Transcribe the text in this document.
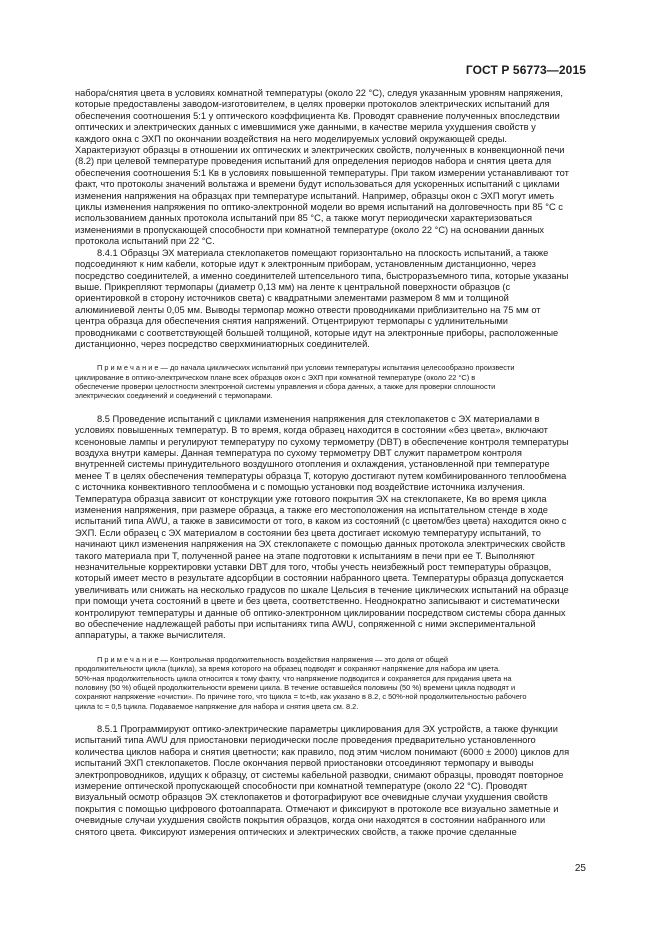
ГОСТ Р 56773—2015

набора/снятия цвета в условиях комнатной температуры (около 22 °С), следуя указанным уровням напряжения,
которые предоставлены заводом-изготовителем, в целях проверки протоколов электрических испытаний для
обеспечения соотношения 5:1 у оптического коэффициента Кв. Проводят сравнение полученных впоследствии
оптических и электрических данных с имевшимися уже данными, в качестве мерила ухудшения свойств у
каждого окна с ЭХП по окончании воздействия на него моделируемых условий окружающей среды.
Характеризуют образцы в отношении их оптических и электрических свойств, полученных в конвекционной печи
(8.2) при целевой температуре проведения испытаний для определения периодов набора и снятия цвета для
обеспечения соотношения 5:1 Кв в условиях повышенной температуры. При таком измерении устанавливают тот
факт, что протоколы значений вольтажа и времени будут использоваться для ускоренных испытаний с циклами
изменения напряжения на образцах при температуре испытаний. Например, образцы окон с ЭХП могут иметь
циклы изменения напряжения по оптико-электронной модели во время испытаний на долговечность при 85 °С с
использованием данных протокола испытаний при 85 °С, а также могут периодически характеризоваться
изменениями в пропускающей способности при комнатной температуре (около 22 °С) на основании данных
протокола испытаний при 22 °С.

8.4.1 Образцы ЭХ материала стеклопакетов помещают горизонтально на плоскость испытаний, а также
подсоединяют к ним кабели, которые идут к электронным приборам, установленным дистанционно, через
посредство соединителей, а именно соединителей штепсельного типа, быстроразъемного типа, которые указаны
выше. Прикрепляют термопары (диаметр 0,13 мм) на ленте к центральной поверхности образцов (с
ориентировкой в сторону источников света) с квадратными элементами размером 8 мм и толщиной
алюминиевой ленты 0,05 мм. Выводы термопар можно отвести проводниками приблизительно на 75 мм от
центра образца для обеспечения снятия напряжений. Отцентрируют термопары с удлинительными
проводниками с соответствующей большей толщиной, которые идут на электронные приборы, расположенные
дистанционно, через посредство сверхминиатюрных соединителей.

П р и м е ч а н и е — до начала циклических испытаний при условии температуры испытания целесообразно произвести
циклирование в оптико-электрическом плане всех образцов окон с ЭХП при комнатной температуре (около 22 °С) в
обеспечение проверки целостности электронной системы управления и сбора данных, а также для проверки сплошности
электрических соединений и соединений с термопарами.

8.5 Проведение испытаний с циклами изменения напряжения для стеклопакетов с ЭХ материалами в
условиях повышенных температур. В то время, когда образец находится в состоянии «без цвета», включают
ксеноновые лампы и регулируют температуру по сухому термометру (DBT) в обеспечение контроля температуры
воздуха внутри камеры. Данная температура по сухому термометру DBT служит параметром контроля
внутренней системы принудительного воздушного отопления и охлаждения, установленной при температуре
менее Т в целях обеспечения температуры образца Т, которую достигают путем комбинированного теплообмена
с источника конвективного теплообмена и с помощью установки под воздействие источника излучения.
Температура образца зависит от конструкции уже готового покрытия ЭХ на стеклопакете, Кв во время цикла
изменения напряжения, при размере образца, а также его местоположения на испытательном стенде в ходе
испытаний типа AWU, а также в зависимости от того, в каком из состояний (с цветом/без цвета) находится окно с
ЭХП. Если образец с ЭХ материалом в состоянии без цвета достигает искомую температуру испытаний, то
начинают цикл изменения напряжения на ЭХ стеклопакете с помощью данных протокола электрических свойств
такого материала при Т, полученной ранее на этапе подготовки к испытаниям в печи при ее Т. Выполняют
незначительные корректировки уставки DBT для того, чтобы учесть неизбежный рост температуры образцов,
который имеет место в результате адсорбции в состоянии набранного цвета. Температуры образца допускается
увеличивать или снижать на несколько градусов по шкале Цельсия в течение циклических испытаний на образце
при помощи учета состояний в цвете и без цвета, соответственно. Неоднократно записывают и систематически
контролируют температуры и данные об оптико-электронном циклировании посредством системы сбора данных
во обеспечение надлежащей работы при испытаниях типа AWU, сопряженной с ними экспериментальной
аппаратуры, а также вычислителя.

П р и м е ч а н и е — Контрольная продолжительность воздействия напряжения — это доля от общей
продолжительности цикла (tцикла), за время которого на образец подводят и сохраняют напряжение для набора им цвета.
50%-ная продолжительность цикла относится к тому факту, что напряжение подводится и сохраняется для придания цвета на
половину (50 %) общей продолжительности времени цикла. В течение оставшейся половины (50 %) времени цикла подводят и
сохраняют напряжение «очистки». По причине того, что tцикла = tc+tb, как указано в 8.2, с 50%-ной продолжительностью рабочего
цикла tc = 0,5 tцикла. Подаваемое напряжение для набора и снятия цвета см. 8.2.

8.5.1 Программируют оптико-электрические параметры циклирования для ЭХ устройств, а также функции
испытаний типа AWU для приостановки периодически после проведения предварительно установленного
количества циклов набора и снятия цветности; как правило, под этим числом понимают (6000 ± 2000) циклов для
испытаний ЭХП стеклопакетов. После окончания первой приостановки отсоединяют термопару и выводы
электропроводников, идущих к образцу, от системы кабельной разводки, снимают образцы, проводят повторное
измерение оптической пропускающей способности при комнатной температуре (около 22 °С). Проводят
визуальный осмотр образцов ЭХ стеклопакетов и фотографируют все очевидные случаи ухудшения свойств
покрытия с помощью цифрового фотоаппарата. Отмечают и фиксируют в протоколе все визуально заметные и
очевидные случаи ухудшения свойств покрытия образцов, когда они находятся в состоянии набранного или
снятого цвета. Фиксируют измерения оптических и электрических свойств, а также прочие сделанные

25
